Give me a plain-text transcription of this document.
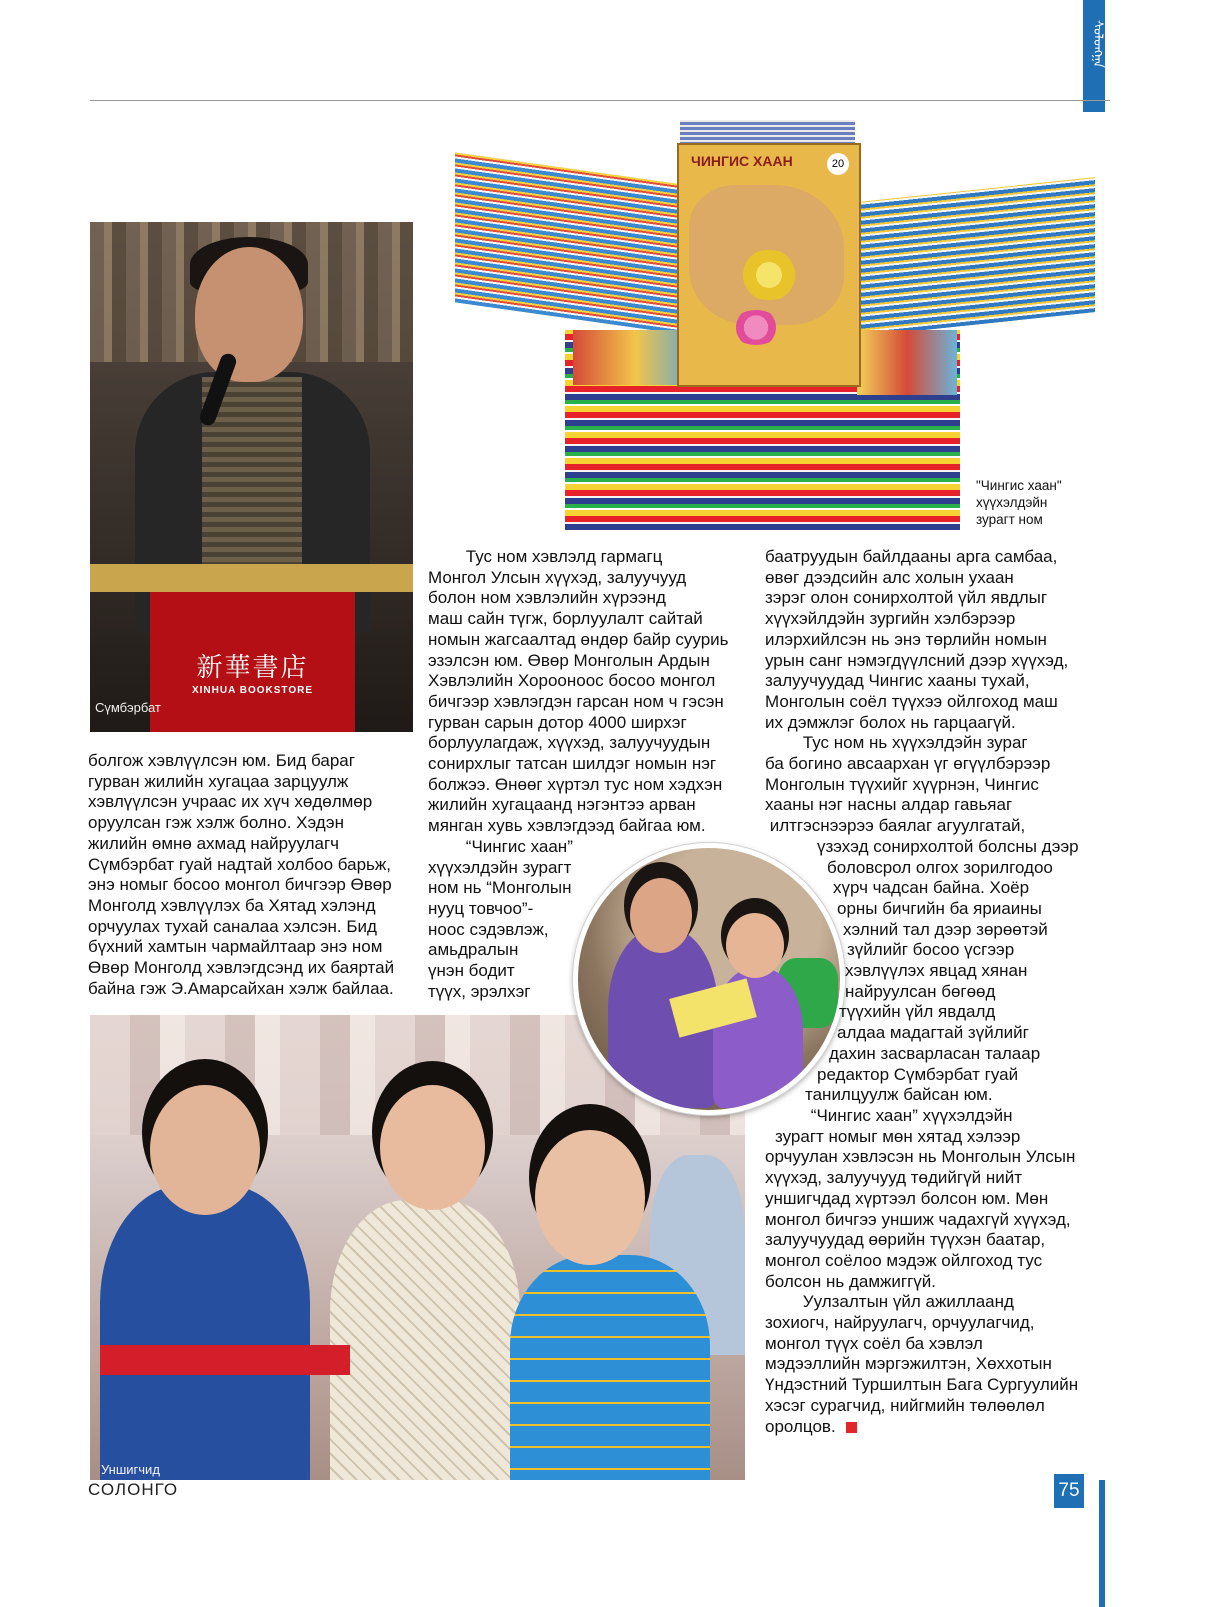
ᠰᠣᠯᠣᠩᠭ᠋ᠠ
新華書店
XINHUA BOOKSTORE
Сүмбэрбат
ЧИНГИС ХААН	20
"Чингис хаан"
хүүхэлдэйн
зурагт ном
Уншигчид
болгож хэвлүүлсэн юм. Бид бараг
гурван жилийн хугацаа зарцуулж
хэвлүүлсэн учраас их хүч хөдөлмөр
оруулсан гэж хэлж болно. Хэдэн
жилийн өмнө ахмад найруулагч
Сүмбэрбат гуай надтай холбоо барьж,
энэ номыг босоо монгол бичгээр Өвөр
Монголд хэвлүүлэх ба Хятад хэлэнд
орчуулах тухай саналаа хэлсэн. Бид
бүхний хамтын чармайлтаар энэ ном
Өвөр Монголд хэвлэгдсэнд их баяртай
байна гэж Э.Амарсайхан хэлж байлаа.
Тус ном хэвлэлд гармагц
Монгол Улсын хүүхэд, залуучууд
болон ном хэвлэлийн хүрээнд
маш сайн түгж, борлуулалт сайтай
номын жагсаалтад өндөр байр сууриь
эзэлсэн юм. Өвөр Монголын Ардын
Хэвлэлийн Хорооноос босоо монгол
бичгээр хэвлэгдэн гарсан ном ч гэсэн
гурван сарын дотор 4000 ширхэг
борлуулагдаж, хүүхэд, залуучуудын
сонирхлыг татсан шилдэг номын нэг
болжээ. Өнөөг хүртэл тус ном хэдхэн
жилийн хугацаанд нэгэнтээ арван
мянган хувь хэвлэгдээд байгаа юм.
“Чингис хаан”
хүүхэлдэйн зурагт
ном нь “Монголын
нууц товчоо”-
ноос сэдэвлэж,
амьдралын
үнэн бодит
түүх, эрэлхэг
баатруудын байлдааны арга самбаа,
өвөг дээдсийн алс холын ухаан
зэрэг олон сонирхолтой үйл явдлыг
хүүхэйлдэйн зургийн хэлбэрээр
илэрхийлсэн нь энэ төрлийн номын
урын санг нэмэгдүүлсний дээр хүүхэд,
залуучуудад Чингис хааны тухай,
Монголын соёл түүхээ ойлгоход маш
их дэмжлэг болох нь гарцаагүй.
Тус ном нь хүүхэлдэйн зураг
ба богино авсаархан үг өгүүлбэрээр
Монголын түүхийг хүүрнэн, Чингис
хааны нэг насны алдар гавьяаг
илтгэснээрээ баялаг агуулгатай,
үзэхэд сонирхолтой болсны дээр
боловсрол олгох зорилгодоо
хүрч чадсан байна. Хоёр
орны бичгийн ба яриаины
хэлний тал дээр зөрөөтэй
зүйлийг босоо үсгээр
хэвлүүлэх явцад хянан
найруулсан бөгөөд
түүхийн үйл явдалд
алдаа мадагтай зүйлийг
дахин засварласан талаар
редактор Сүмбэрбат гуай
танилцуулж байсан юм.
“Чингис хаан” хүүхэлдэйн
зурагт номыг мөн хятад хэлээр
орчуулан хэвлэсэн нь Монголын Улсын
хүүхэд, залуучууд төдийгүй нийт
уншигчдад хүртээл болсон юм. Мөн
монгол бичгээ уншиж чадахгүй хүүхэд,
залуучуудад өөрийн түүхэн баатар,
монгол соёлоо мэдэж ойлгоход тус
болсон нь дамжиггүй.
Уулзалтын үйл ажиллаанд
зохиогч, найруулагч, орчуулагчид,
монгол түүх соёл ба хэвлэл
мэдээллийн мэргэжилтэн, Хөххотын
Үндэстний Туршилтын Бага Сургуулийн
хэсэг сурагчид, нийгмийн төлөөлөл
оролцов.
СОЛОНГО	75
